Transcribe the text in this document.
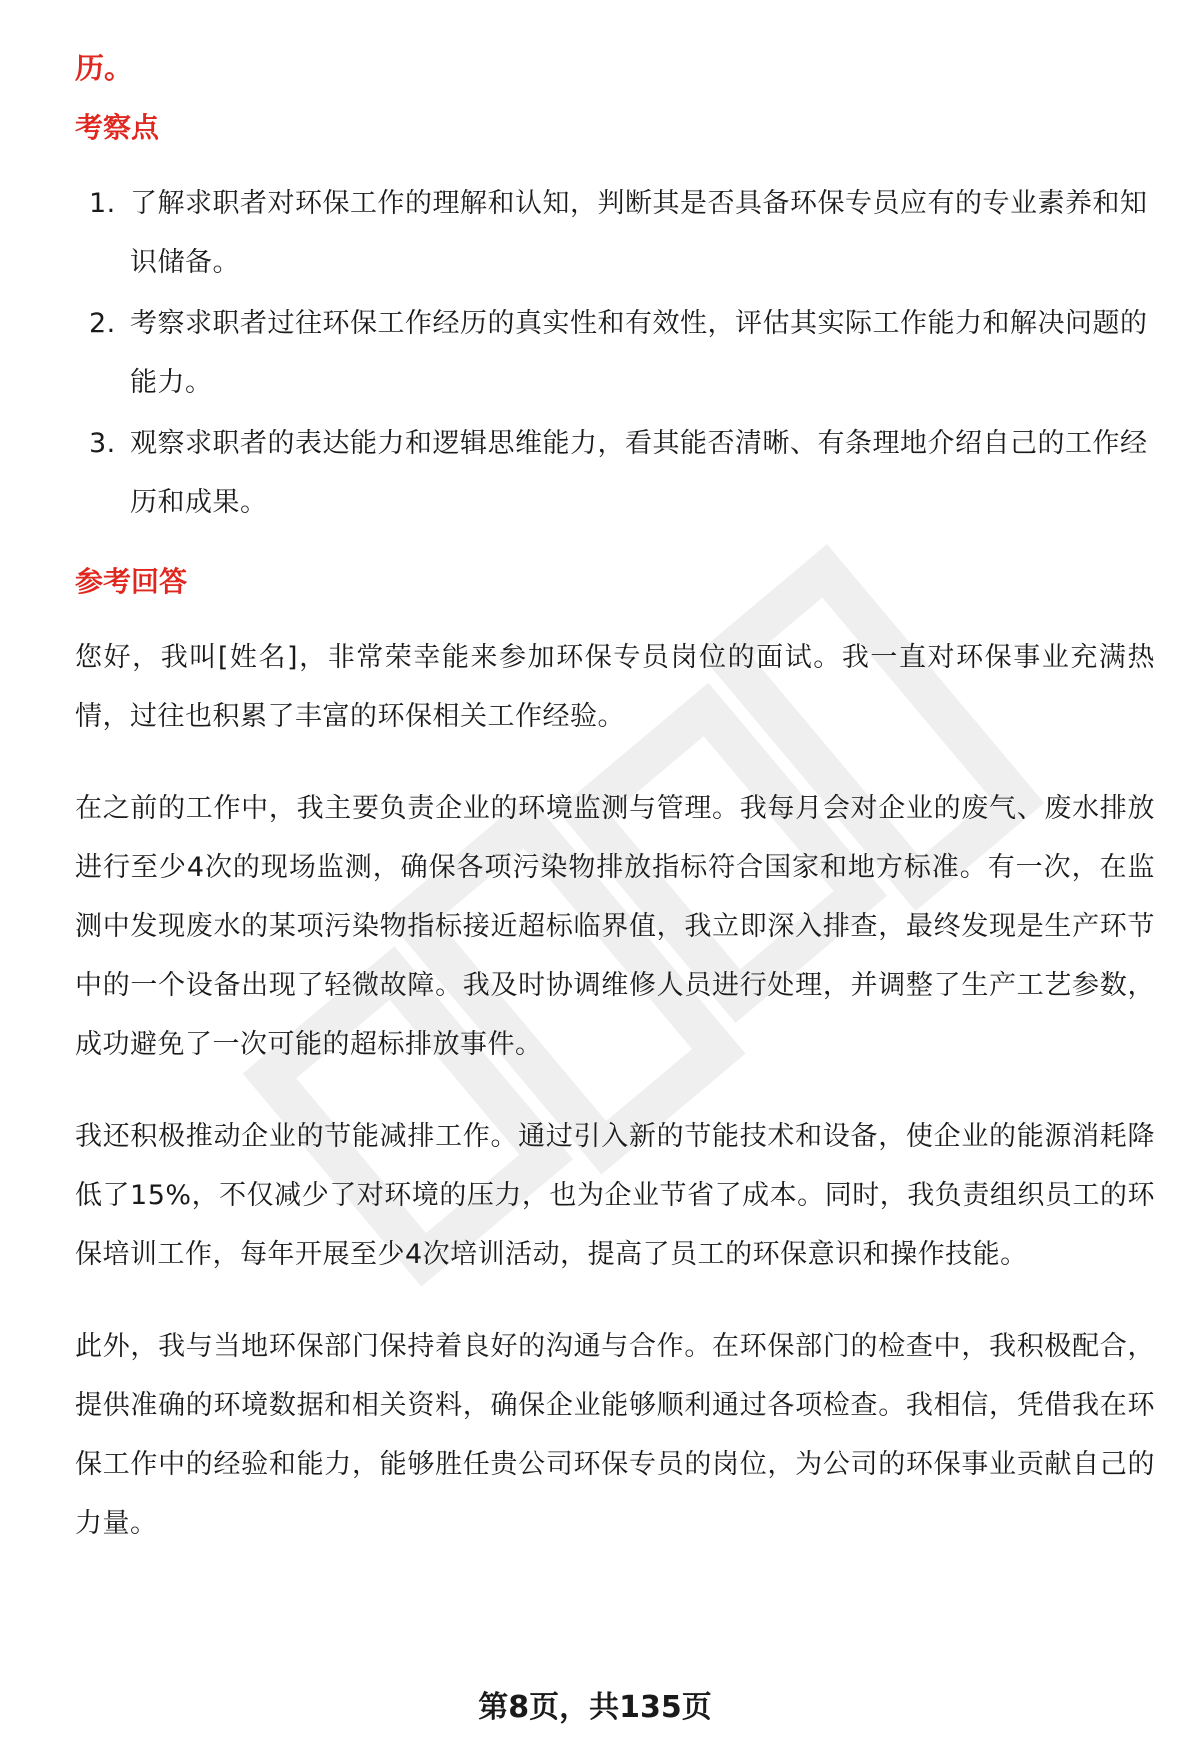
历。
考察点
1. 了解求职者对环保工作的理解和认知，判断其是否具备环保专员应有的专业素养和知识储备。
2. 考察求职者过往环保工作经历的真实性和有效性，评估其实际工作能力和解决问题的能力。
3. 观察求职者的表达能力和逻辑思维能力，看其能否清晰、有条理地介绍自己的工作经历和成果。
参考回答

您好，我叫[姓名]，非常荣幸能来参加环保专员岗位的面试。我一直对环保事业充满热情，过往也积累了丰富的环保相关工作经验。

在之前的工作中，我主要负责企业的环境监测与管理。我每月会对企业的废气、废水排放进行至少4次的现场监测，确保各项污染物排放指标符合国家和地方标准。有一次，在监测中发现废水的某项污染物指标接近超标临界值，我立即深入排查，最终发现是生产环节中的一个设备出现了轻微故障。我及时协调维修人员进行处理，并调整了生产工艺参数，成功避免了一次可能的超标排放事件。

我还积极推动企业的节能减排工作。通过引入新的节能技术和设备，使企业的能源消耗降低了15%，不仅减少了对环境的压力，也为企业节省了成本。同时，我负责组织员工的环保培训工作，每年开展至少4次培训活动，提高了员工的环保意识和操作技能。

此外，我与当地环保部门保持着良好的沟通与合作。在环保部门的检查中，我积极配合，提供准确的环境数据和相关资料，确保企业能够顺利通过各项检查。我相信，凭借我在环保工作中的经验和能力，能够胜任贵公司环保专员的岗位，为公司的环保事业贡献自己的力量。

第8页，共135页
